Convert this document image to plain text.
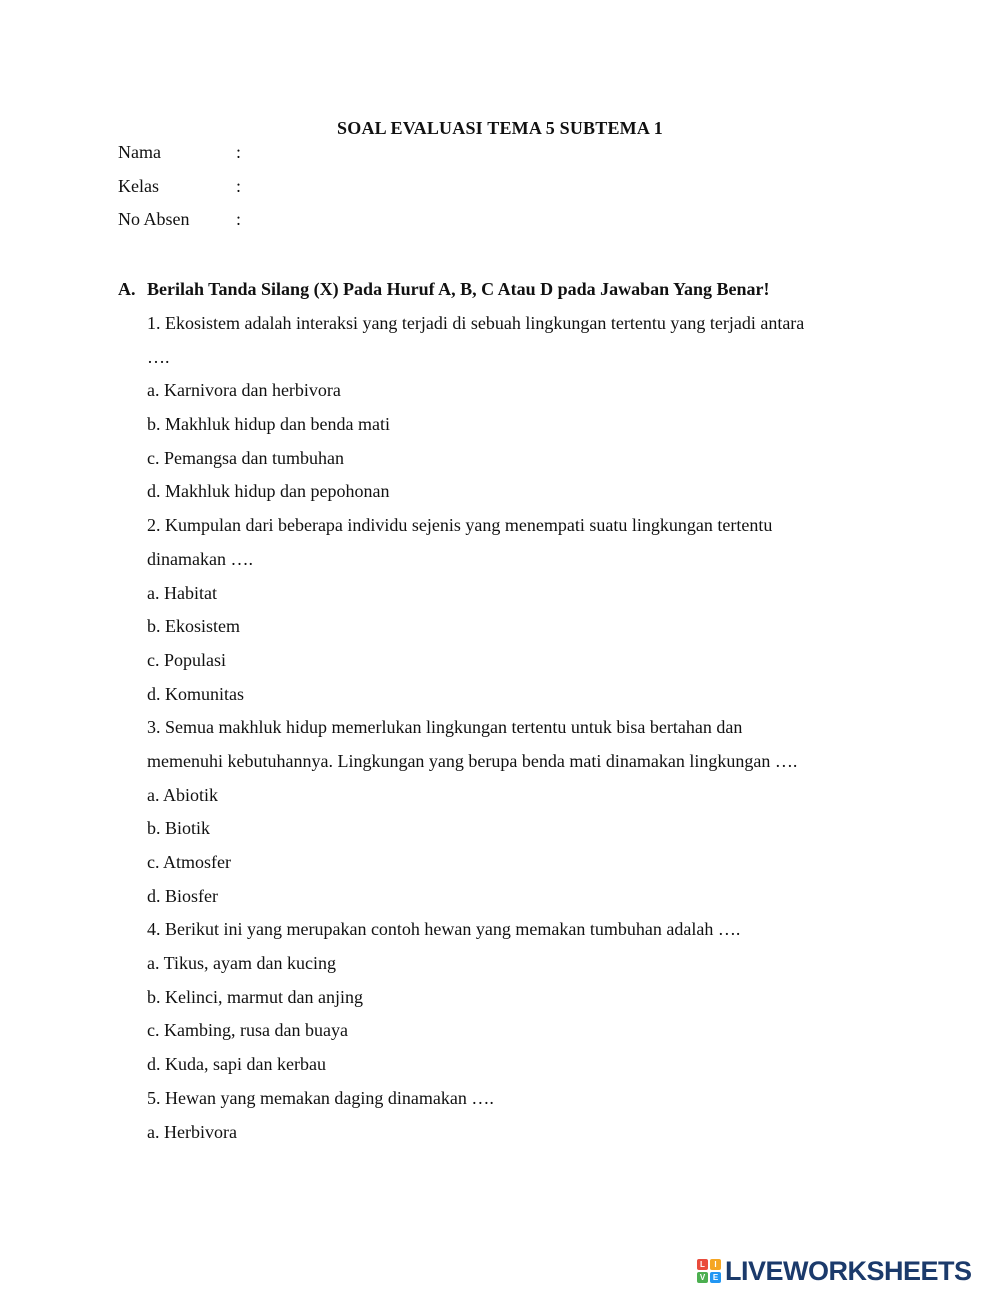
SOAL EVALUASI TEMA 5 SUBTEMA 1
Nama	:
Kelas	:
No Absen	:
A. Berilah Tanda Silang (X) Pada Huruf A, B, C Atau D pada Jawaban Yang Benar!
1. Ekosistem adalah interaksi yang terjadi di sebuah lingkungan tertentu yang terjadi antara
….
a. Karnivora dan herbivora
b. Makhluk hidup dan benda mati
c. Pemangsa dan tumbuhan
d. Makhluk hidup dan pepohonan
2. Kumpulan dari beberapa individu sejenis yang menempati suatu lingkungan tertentu
dinamakan ….
a. Habitat
b. Ekosistem
c. Populasi
d. Komunitas
3. Semua makhluk hidup memerlukan lingkungan tertentu untuk bisa bertahan dan
memenuhi kebutuhannya. Lingkungan yang berupa benda mati dinamakan lingkungan ….
a. Abiotik
b. Biotik
c. Atmosfer
d. Biosfer
4. Berikut ini yang merupakan contoh hewan yang memakan tumbuhan adalah ….
a. Tikus, ayam dan kucing
b. Kelinci, marmut dan anjing
c. Kambing, rusa dan buaya
d. Kuda, sapi dan kerbau
5. Hewan yang memakan daging dinamakan ….
a. Herbivora
L	I
V E LIVEWORKSHEETS
